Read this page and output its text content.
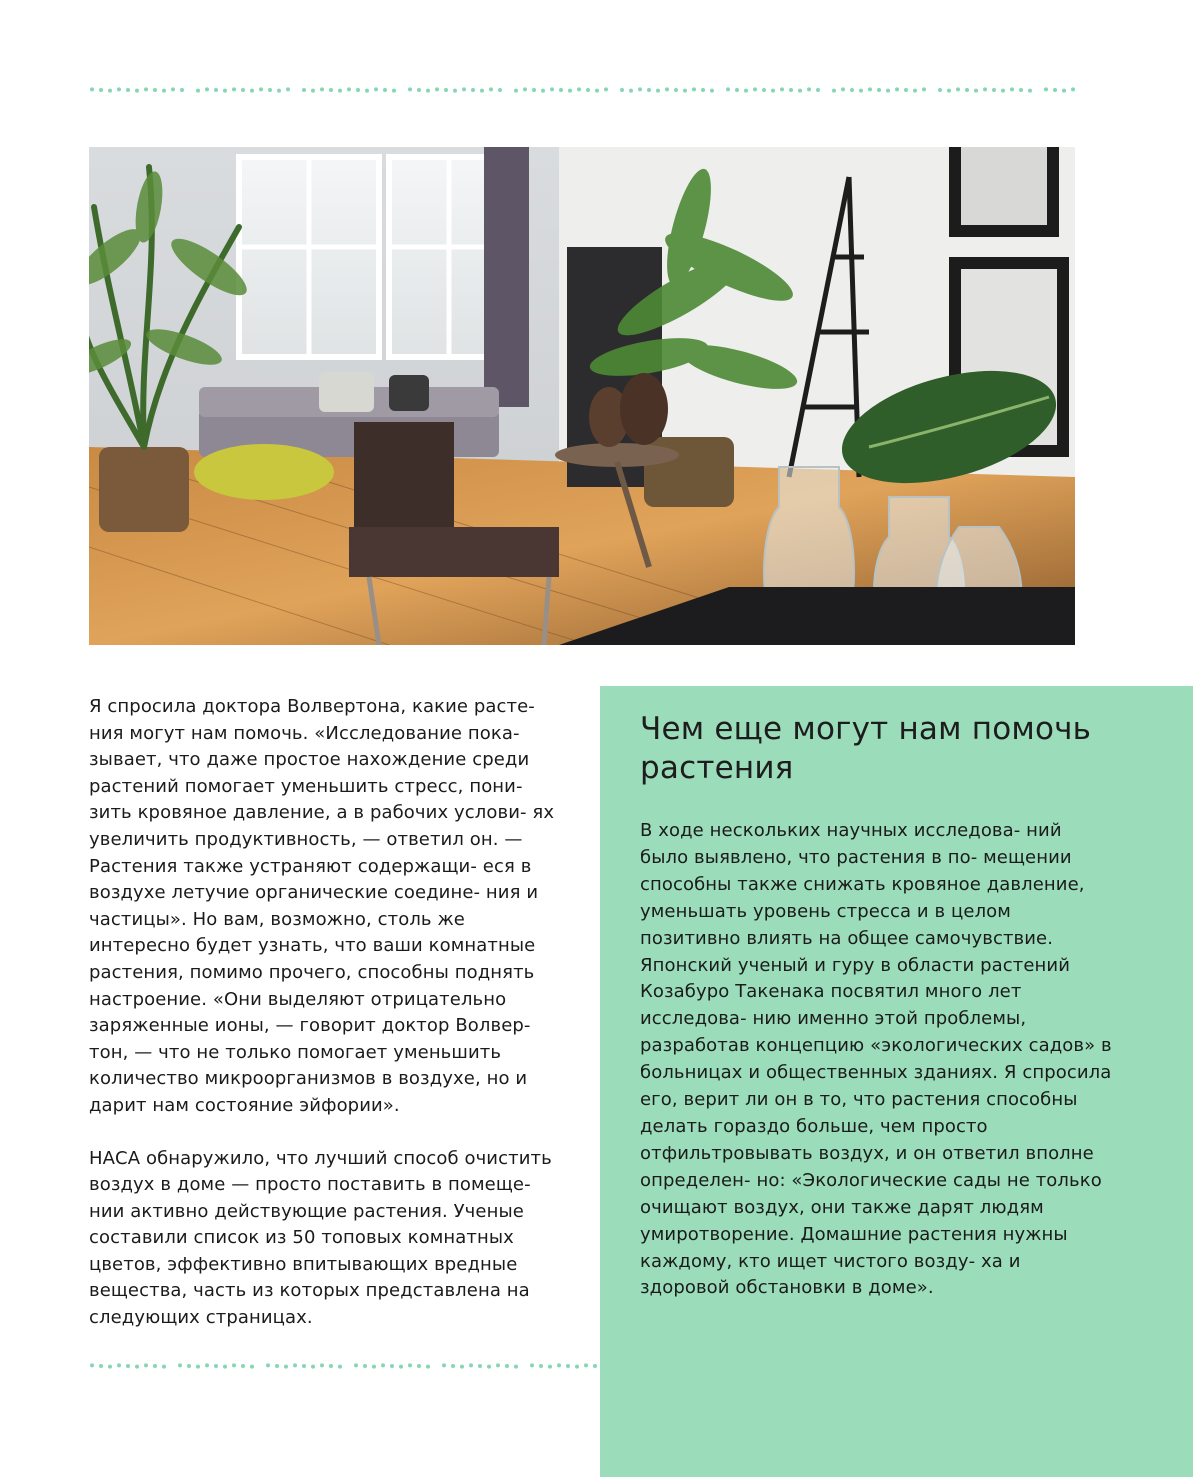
Я спросила доктора Волвертона, какие расте- ния могут нам помочь. «Исследование пока- зывает, что даже простое нахождение среди растений помогает уменьшить стресс, пони- зить кровяное давление, а в рабочих услови- ях увеличить продуктивность, — ответил он. — Растения также устраняют содержащи- еся в воздухе летучие органические соедине- ния и частицы». Но вам, возможно, столь же интересно будет узнать, что ваши комнатные растения, помимо прочего, способны поднять настроение. «Они выделяют отрицательно заряженные ионы, — говорит доктор Волвер- тон, — что не только помогает уменьшить количество микроорганизмов в воздухе, но и дарит нам состояние эйфории».

НАСА обнаружило, что лучший способ очистить воздух в доме — просто поставить в помеще- нии активно действующие растения. Ученые составили список из 50 топовых комнатных цветов, эффективно впитывающих вредные вещества, часть из которых представлена на следующих страницах.

Чем еще могут нам помочь растения

В ходе нескольких научных исследова- ний было выявлено, что растения в по- мещении способны также снижать кровяное давление, уменьшать уровень стресса и в целом позитивно влиять на общее самочувствие. Японский ученый и гуру в области растений Козабуро Такенака посвятил много лет исследова- нию именно этой проблемы, разработав концепцию «экологических садов» в больницах и общественных зданиях. Я спросила его, верит ли он в то, что растения способны делать гораздо больше, чем просто отфильтровывать воздух, и он ответил вполне определен- но: «Экологические сады не только очищают воздух, они также дарят людям умиротворение. Домашние растения нужны каждому, кто ищет чистого возду- ха и здоровой обстановки в доме».
